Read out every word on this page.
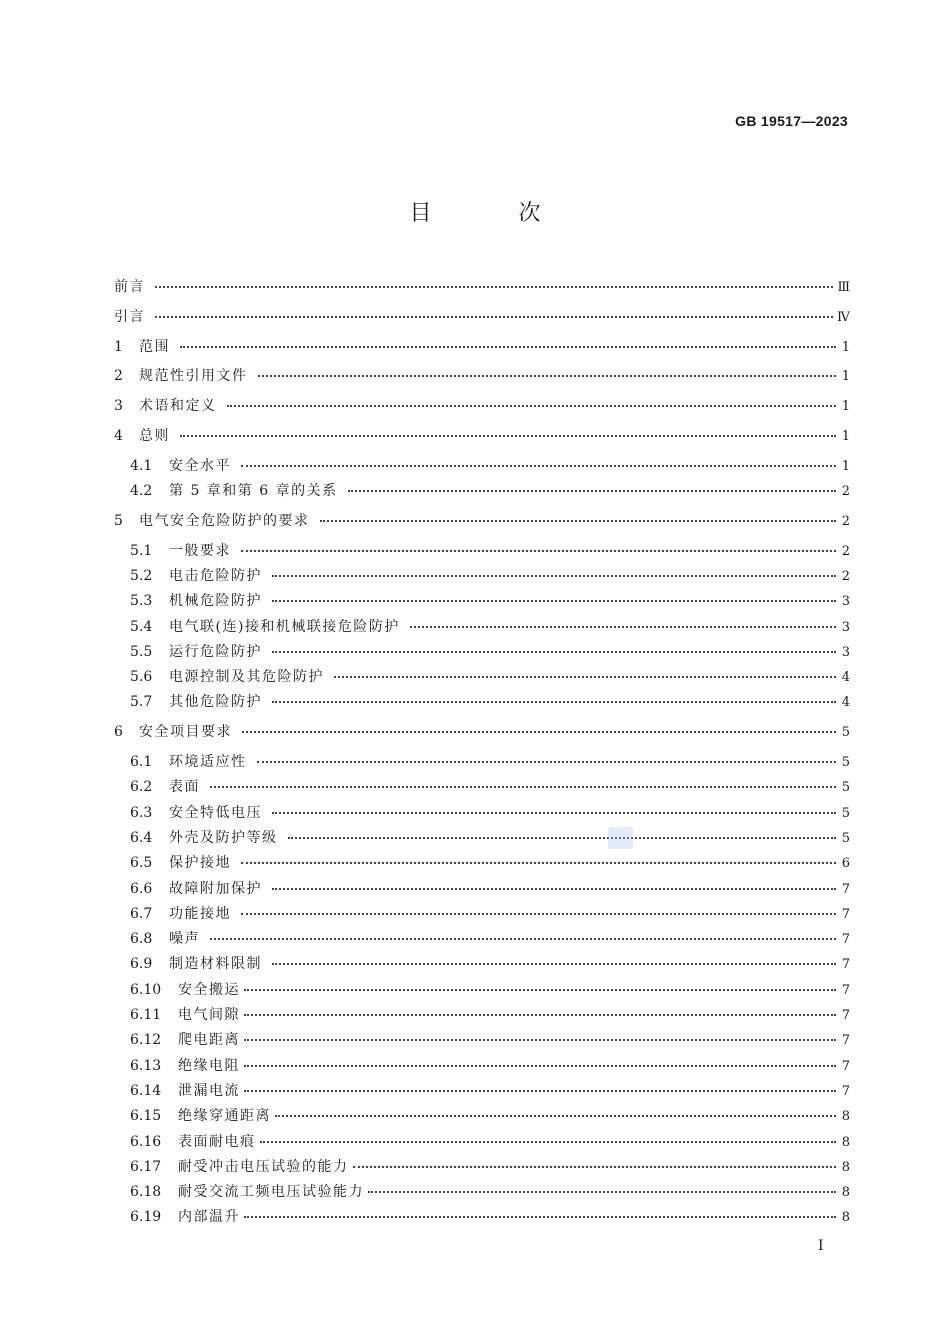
GB 19517—2023
目 次
前言	Ⅲ
引言	Ⅳ
1	范围	1
2	规范性引用文件	1
3	术语和定义	1
4	总则	1
4.1	安全水平	1
4.2	第 5 章和第 6 章的关系	2
5	电气安全危险防护的要求	2
5.1	一般要求	2
5.2	电击危险防护	2
5.3	机械危险防护	3
5.4	电气联(连)接和机械联接危险防护	3
5.5	运行危险防护	3
5.6	电源控制及其危险防护	4
5.7	其他危险防护	4
6	安全项目要求	5
6.1	环境适应性	5
6.2	表面	5
6.3	安全特低电压	5
6.4	外壳及防护等级	5
6.5	保护接地	6
6.6	故障附加保护	7
6.7	功能接地	7
6.8	噪声	7
6.9	制造材料限制	7
6.10	安全搬运	7
6.11	电气间隙	7
6.12	爬电距离	7
6.13	绝缘电阻	7
6.14	泄漏电流	7
6.15	绝缘穿通距离	8
6.16	表面耐电痕	8
6.17	耐受冲击电压试验的能力	8
6.18	耐受交流工频电压试验能力	8
6.19	内部温升	8
I
